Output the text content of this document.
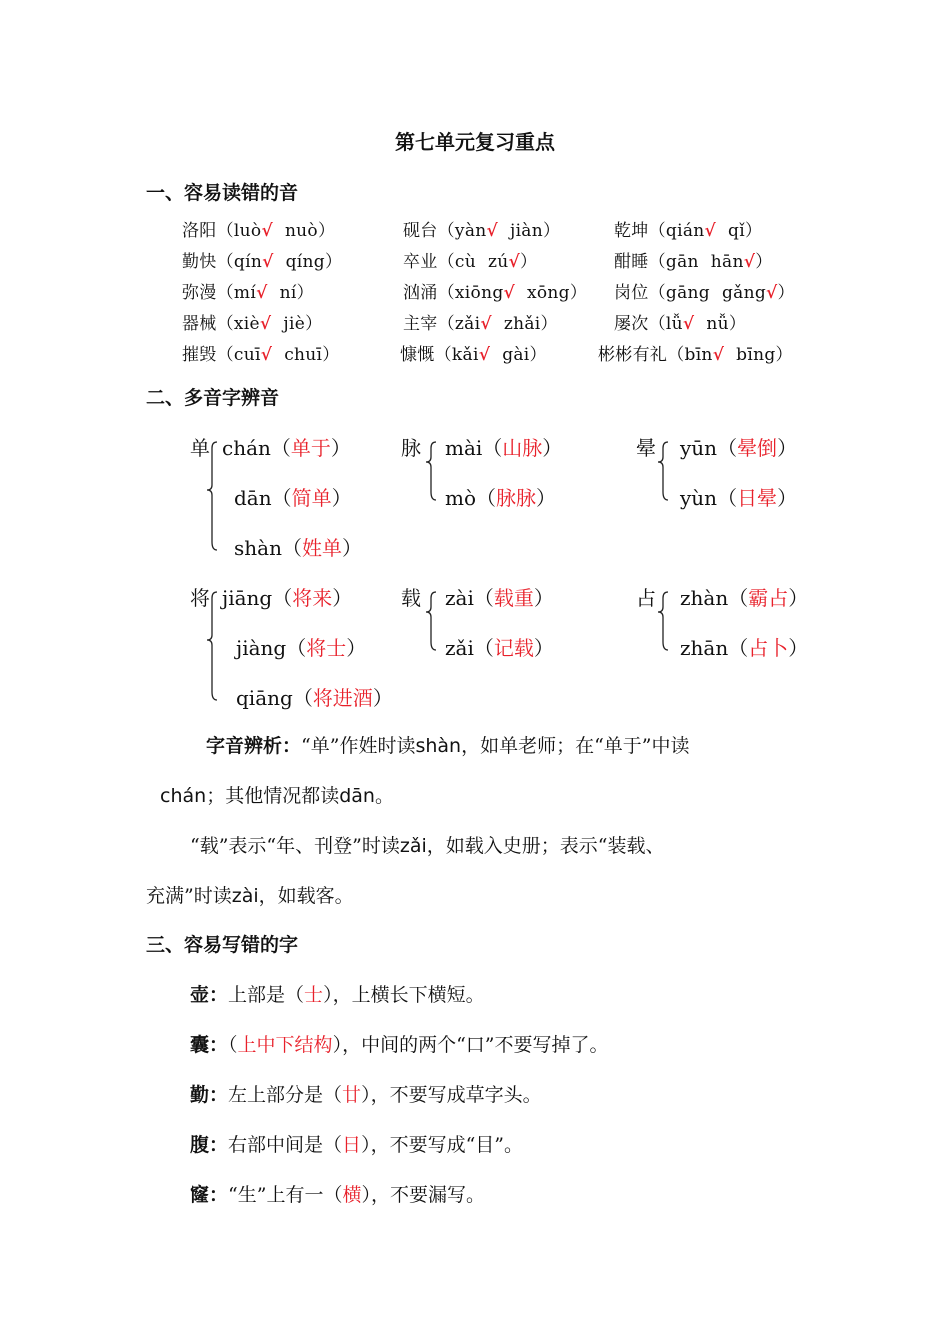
第七单元复习重点
一、容易读错的音
洛阳（luò√ nuò）	砚台（yàn√ jiàn）	乾坤（qián√ qǐ）
勤快（qín√ qíng）	卒业（cù zú√）	酣睡（gān hān√）
弥漫（mí√ ní）	汹涌（xiōng√ xōng） 岗位（gāng gǎng√）
器械（xiè√ jiè）	主宰（zǎi√ zhǎi）	屡次（lǚ√ nǚ）
摧毁（cuī√ chuī）	慷慨（kǎi√ gài）	彬彬有礼（bīn√ bīng）
二、多音字辨音
单 chán（单于）
dān（简单）
shàn（姓单）
脉 mài（山脉）
mò（脉脉）
晕 yūn（晕倒）
yùn（日晕）
将 jiāng（将来）
jiàng（将士）
qiāng（将进酒）
载 zài（载重）
zǎi（记载）
占 zhàn（霸占）
zhān（占卜）
字音辨析：“单”作姓时读shàn，如单老师；在“单于”中读
chán；其他情况都读dān。
“载”表示“年、刊登”时读zǎi，如载入史册；表示“装载、
充满”时读zài，如载客。
三、容易写错的字
壶：上部是（士），上横长下横短。
囊：（上中下结构），中间的两个“口”不要写掉了。
勤：左上部分是（廿），不要写成草字头。
腹：右部中间是（日），不要写成“目”。
窿：“生”上有一（横），不要漏写。
